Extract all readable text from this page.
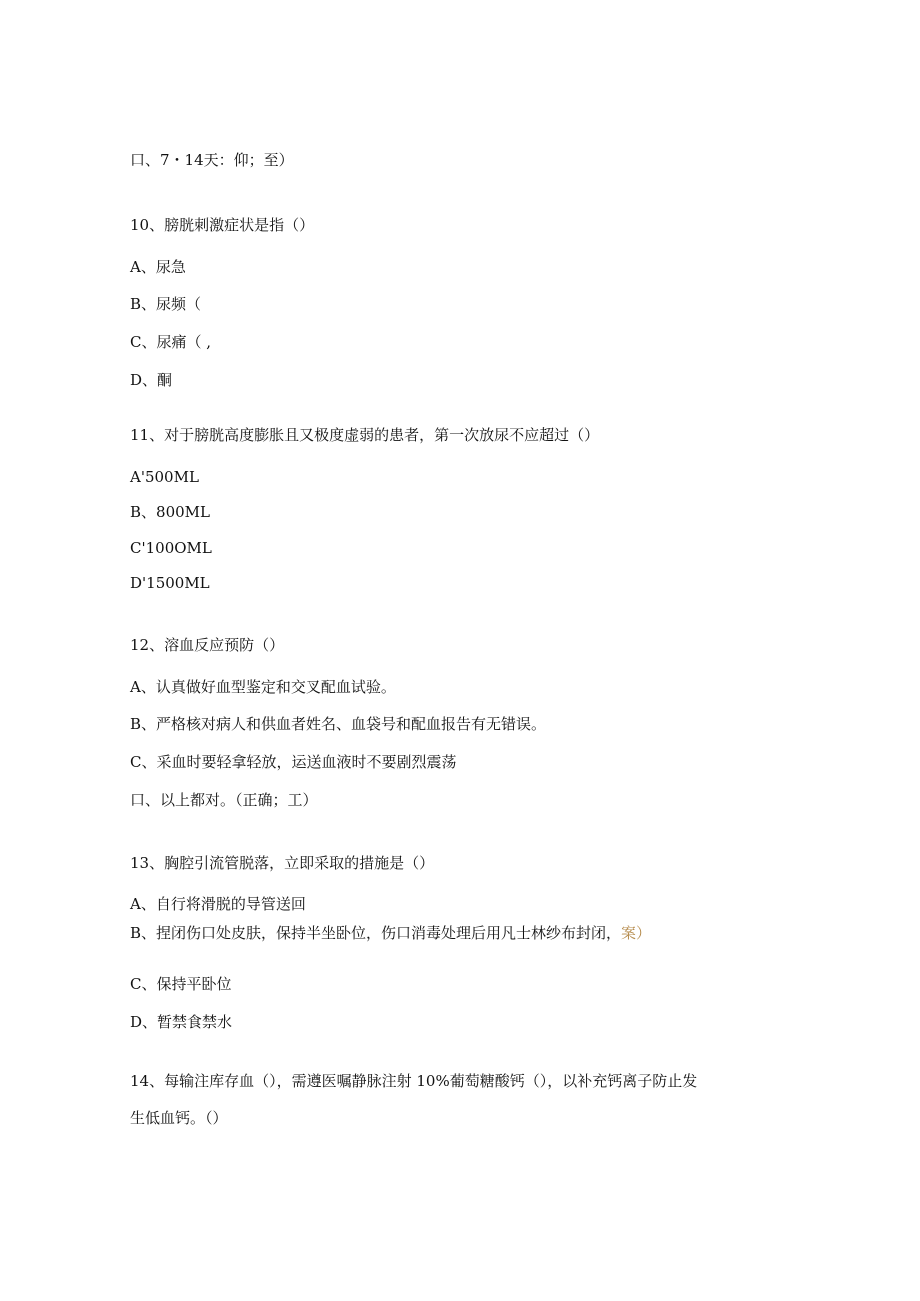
口、7・14天：仰；至）
10、膀胱刺激症状是指（）
A、尿急
B、尿频（
C、尿痛（ ,
D、酮
11、对于膀胱高度膨胀且又极度虚弱的患者，第一次放尿不应超过（）
A'500ML
B、800ML
C'100OML
D'1500ML
12、溶血反应预防（）
A、认真做好血型鉴定和交叉配血试验。
B、严格核对病人和供血者姓名、血袋号和配血报告有无错误。
C、采血时要轻拿轻放，运送血液时不要剧烈震荡
口、以上都对。（正确；工）
13、胸腔引流管脱落，立即采取的措施是（）
A、自行将滑脱的导管送回
B、捏闭伤口处皮肤，保持半坐卧位，伤口消毒处理后用凡士林纱布封闭，案）
C、保持平卧位
D、暂禁食禁水
14、每输注库存血（），需遵医嘱静脉注射 10%葡萄糖酸钙（），以补充钙离子防止发
生低血钙。（）
